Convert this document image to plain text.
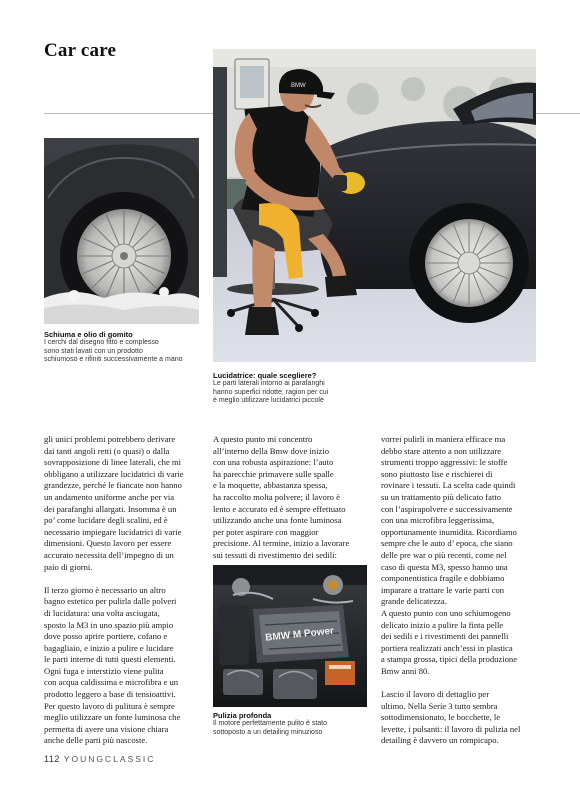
Car care
Schiuma e olio di gomito
I cerchi dal disegno fitto e complesso
sono stati lavati con un prodotto
schiumoso e rifiniti successivamente a mano
BMW
Lucidatrice: quale scegliere?
Le parti laterali intorno ai parafanghi
hanno superfici ridotte, ragion per cui
è meglio utilizzare lucidatrici piccole

gli unici problemi potrebbero derivare
dai tanti angoli retti (o quasi) o dalla
sovrapposizione di linee laterali, che mi
obbligano a utilizzare lucidatrici di varie
grandezze, perché le fiancate non hanno
un andamento uniforme anche per via
dei parafanghi allargati. Insomma è un
po’ come lucidare degli scalini, ed è
necessario impiegare lucidatrici di varie
dimensioni. Questo lavoro per essere
accurato necessita dell’impegno di un
paio di giorni.

Il terzo giorno è necessario un altro
bagno estetico per pulirla dalle polveri
di lucidatura: una volta asciugata,
sposto la M3 in uno spazio più ampio
dove posso aprire portiere, cofano e
bagagliaio, e inizio a pulire e lucidare
le parti interne di tutti questi elementi.
Ogni fuga e interstizio viene pulita
con acqua caldissima e microfibra e un
prodotto leggero a base di tensioattivi.
Per questo lavoro di pulitura è sempre
meglio utilizzare un fonte luminosa che
permetta di avere una visione chiara
anche delle parti più nascoste.

A questo punto mi concentro
all’interno della Bmw dove inizio
con una robusta aspirazione: l’auto
ha parecchie primavere sulle spalle
e la moquette, abbastanza spessa,
ha raccolto molta polvere; il lavoro è
lento e accurato ed è sempre effettuato
utilizzando anche una fonte luminosa
per poter aspirare con maggior
precisione. Al termine, inizio a lavorare
sui tessuti di rivestimento dei sedili:

BMW M Power
Pulizia profonda
Il motore perfettamente pulito è stato
sottoposto a un detailing minuzioso

vorrei pulirli in maniera efficace ma
debbo stare attento a non utilizzare
strumenti troppo aggressivi: le stoffe
sono piuttosto lise e rischierei di
rovinare i tessuti. La scelta cade quindi
su un trattamento più delicato fatto
con l’aspirapolvere e successivamente
con una microfibra leggerissima,
opportunamente inumidita. Ricordiamo
sempre che le auto d’ epoca, che siano
delle pre war o più recenti, come nel
caso di questa M3, spesso hanno una
componentistica fragile e dobbiamo
imparare a trattare le varie parti con
grande delicatezza.

A questo punto con uno schiumogeno
delicato inizio a pulire la finta pelle
dei sedili e i rivestimenti dei pannelli
portiera realizzati anch’essi in plastica
a stampa grossa, tipici della produzione
Bmw anni 80.

Lascio il lavoro di dettaglio per
ultimo. Nella Serie 3 tutto sembra
sottodimensionato, le bocchette, le
levette, i pulsanti: il lavoro di pulizia nel
detailing è davvero un rompicapo.

112 YOUNGCLASSIC
